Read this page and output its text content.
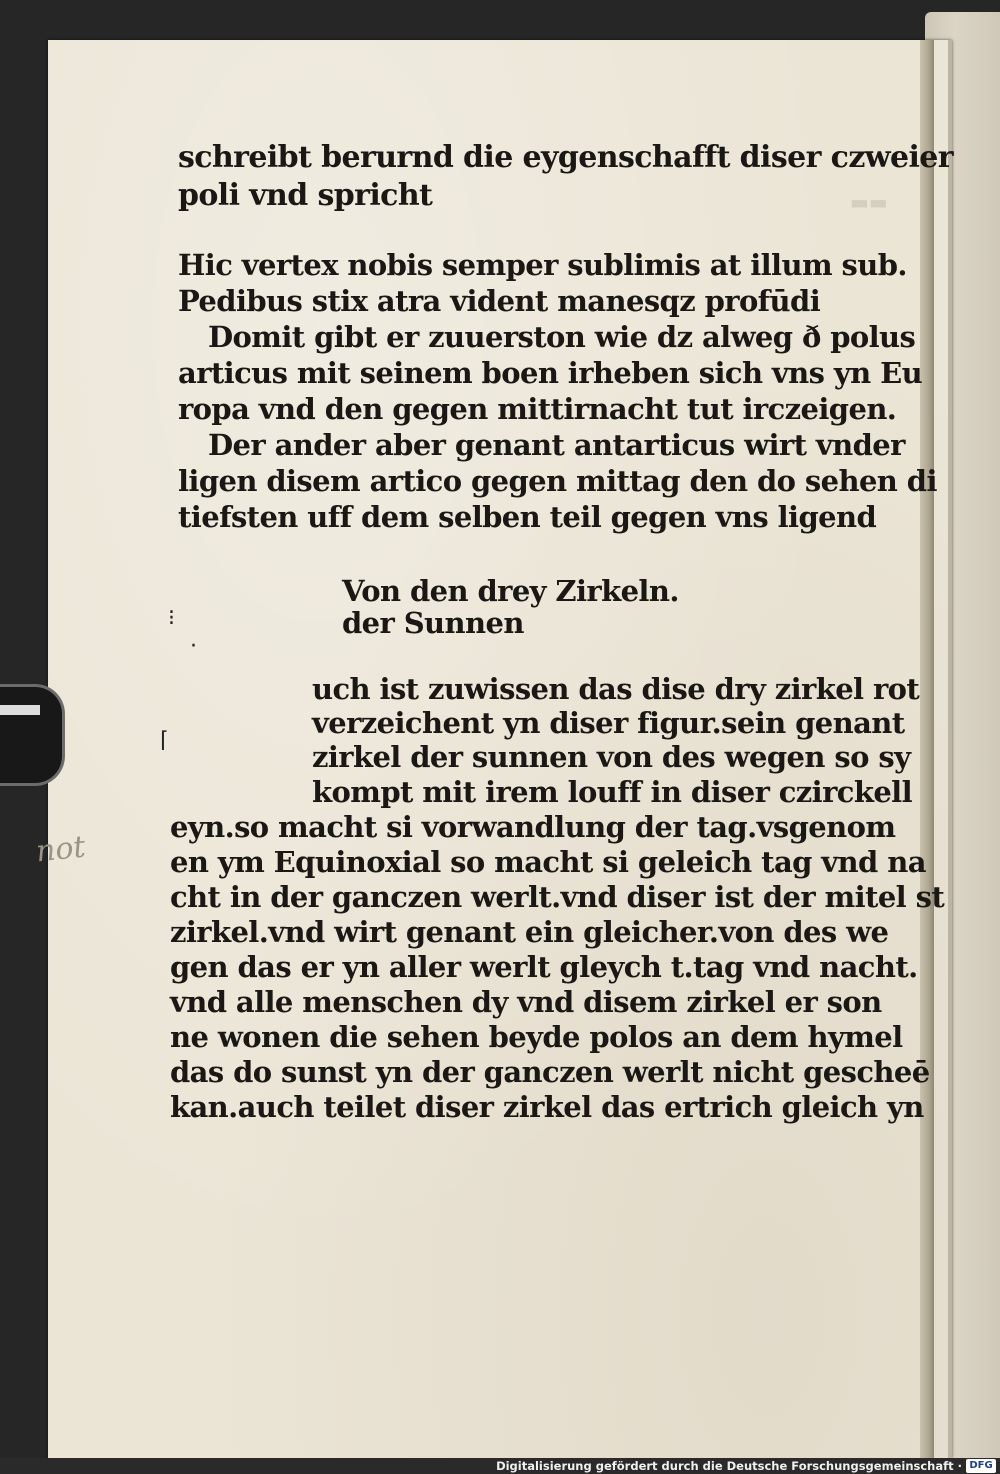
▬▬
schreibt berurnd die eygenschafft diser czweier
poli vnd spricht
Hic vertex nobis semper sublimis at illum sub.
Pedibus stix atra vident manesqz profūdi
Domit gibt er zuuerston wie dz alweg ð polus
articus mit seinem boen irheben sich vns yn Eu
ropa vnd den gegen mittirnacht tut irczeigen.
Der ander aber genant antarticus wirt vnder
ligen disem artico gegen mittag den do sehen di
tiefsten uff dem selben teil gegen vns ligend
Von den drey Zirkeln.
der Sunnen
⁝
·
⌈
uch ist zuwissen das dise dry zirkel rot
verzeichent yn diser figur.sein genant
zirkel der sunnen von des wegen so sy
kompt mit irem louff in diser czirckell
eyn.so macht si vorwandlung der tag.vsgenom
en ym Equinoxial so macht si geleich tag vnd na
cht in der ganczen werlt.vnd diser ist der mitel st
zirkel.vnd wirt genant ein gleicher.von des we
gen das er yn aller werlt gleych t.tag vnd nacht.
vnd alle menschen dy vnd disem zirkel er son
ne wonen die sehen beyde polos an dem hymel
das do sunst yn der ganczen werlt nicht gescheē
kan.auch teilet diser zirkel das ertrich gleich yn
not
Digitalisierung gefördert durch die Deutsche Forschungsgemeinschaft · DFG
